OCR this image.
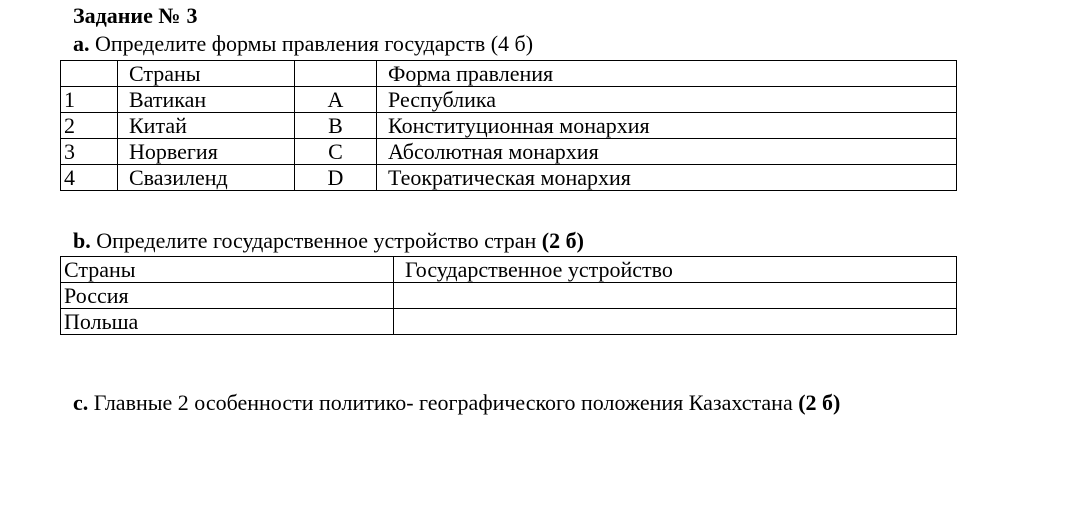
Задание № 3
a. Определите формы правления государств (4 б)
	Страны		Форма правления
1	Ватикан	A	Республика
2	Китай	B	Конституционная монархия
3	Норвегия	C	Абсолютная монархия
4	Свазиленд	D	Теократическая монархия
b. Определите государственное устройство стран (2 б)
Страны	Государственное устройство
Россия	
Польша	
c. Главные 2 особенности политико- географического положения Казахстана (2 б)
